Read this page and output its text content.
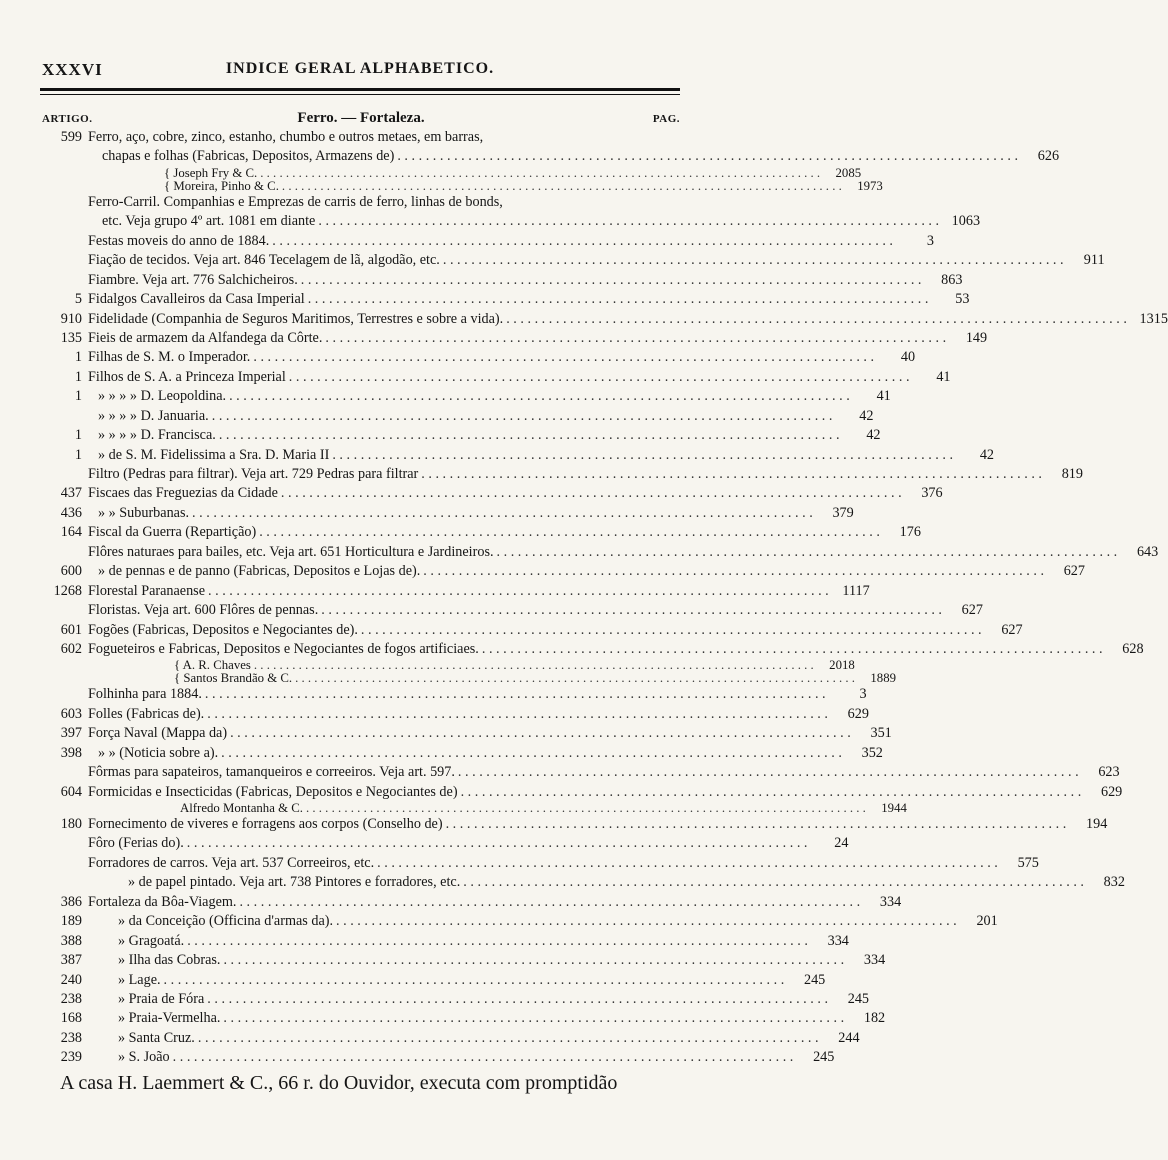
XXXVI	INDICE GERAL ALPHABETICO.
ARTIGO.	Ferro. — Fortaleza.	PAG.
599 Ferro, aço, cobre, zinco, estanho, chumbo e outros metaes, em barras,
chapas e folhas (Fabricas, Depositos, Armazens de) . . .	626
{ Joseph Fry & C. . . .	2085
{ Moreira, Pinho & C. . . .	1973
Ferro-Carril. Companhias e Emprezas de carris de ferro, linhas de bonds,
etc. Veja grupo 4º art. 1081 em diante . . .	1063
Festas moveis do anno de 1884. . . .	3
Fiação de tecidos. Veja art. 846 Tecelagem de lã, algodão, etc. . . .	911
Fiambre. Veja art. 776 Salchicheiros. . . .	863
5 Fidalgos Cavalleiros da Casa Imperial . . .	53
910 Fidelidade (Companhia de Seguros Maritimos, Terrestres e sobre a vida). . . .	1315
135 Fieis de armazem da Alfandega da Côrte. . . .	149
1 Filhas de S. M. o Imperador. . . .	40
1 Filhos de S. A. a Princeza Imperial . . .	41
1	» » » » D. Leopoldina. . . .	41
» » » » D. Januaria. . . .	42
1	» » » » D. Francisca. . . .	42
1	» de S. M. Fidelissima a Sra. D. Maria II . . .	42
Filtro (Pedras para filtrar). Veja art. 729 Pedras para filtrar . . .	819
437 Fiscaes das Freguezias da Cidade . . .	376
436	» » Suburbanas. . . .	379
164 Fiscal da Guerra (Repartição) . . .	176
Flôres naturaes para bailes, etc. Veja art. 651 Horticultura e Jardineiros. . . .	643
600	» de pennas e de panno (Fabricas, Depositos e Lojas de). . . .	627
1268 Florestal Paranaense . . .	1117
Floristas. Veja art. 600 Flôres de pennas. . . .	627
601 Fogões (Fabricas, Depositos e Negociantes de). . . .	627
602 Fogueteiros e Fabricas, Depositos e Negociantes de fogos artificiaes. . . .	628
{ A. R. Chaves . . .	2018
{ Santos Brandão & C. . . .	1889
Folhinha para 1884. . . .	3
603 Folles (Fabricas de). . . .	629
397 Força Naval (Mappa da) . . .	351
398	» » (Noticia sobre a). . . .	352
Fôrmas para sapateiros, tamanqueiros e correeiros. Veja art. 597. . . .	623
604 Formicidas e Insecticidas (Fabricas, Depositos e Negociantes de) . . .	629
Alfredo Montanha & C. . . .	1944
180 Fornecimento de viveres e forragens aos corpos (Conselho de) . . .	194
Fôro (Ferias do). . . .	24
Forradores de carros. Veja art. 537 Correeiros, etc. . . .	575
» de papel pintado. Veja art. 738 Pintores e forradores, etc. . . .	832
386 Fortaleza da Bôa-Viagem. . . .	334
189	» da Conceição (Officina d'armas da). . . .	201
388	» Gragoatá. . . .	334
387	» Ilha das Cobras. . . .	334
240	» Lage. . . .	245
238	» Praia de Fóra . . .	245
168	» Praia-Vermelha. . . .	182
238	» Santa Cruz. . . .	244
239	» S. João . . .	245
A casa H. Laemmert & C., 66 r. do Ouvidor, executa com promptidão
